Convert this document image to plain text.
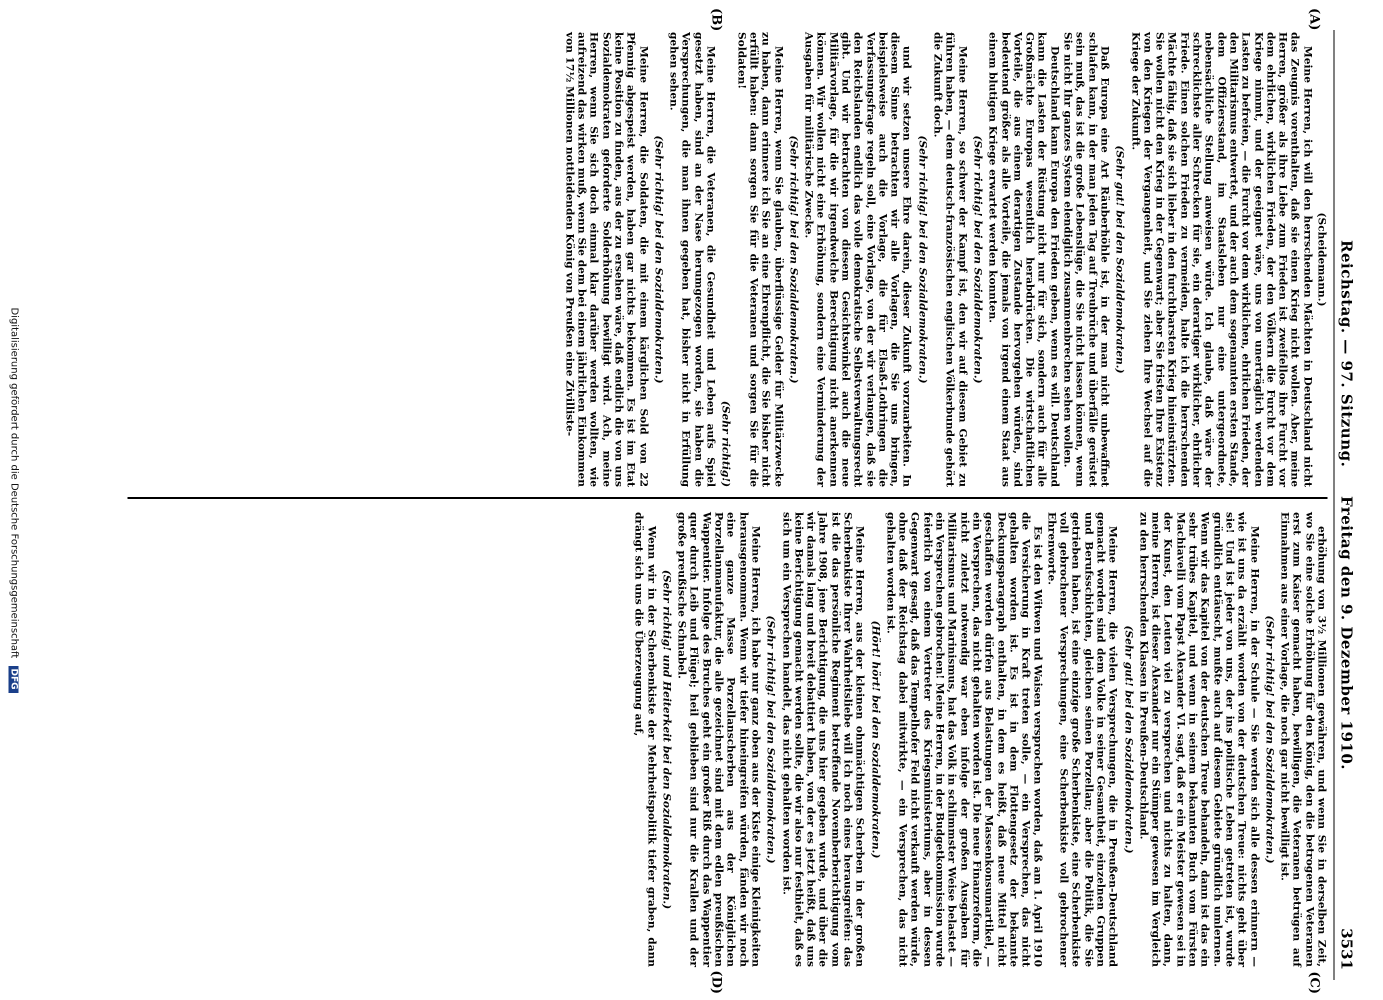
Reichstag. — 97. Sitzung.     Freitag den 9. Dezember 1910.
3531
(A)
(B)
(C)
(D)

(Scheidemann.)

Meine Herren, ich will den herrschenden Mächten in Deutschland nicht das Zeugnis vorenthalten, daß sie einen Krieg nicht wollen. Aber, meine Herren, größer als ihre Liebe zum Frieden ist zweifellos ihre Furcht vor dem ehrlichen, wirklichen Frieden, der den Völkern die Furcht vor dem Kriege nimmt, und der geeignet wäre, uns von unerträglich werdenden Lasten zu befreien, — die Furcht vor dem wirklichen, ehrlichen Frieden, der den Militarismus entwertet, und der auch dem sogenannten ersten Stande, dem Offiziersstand, im Staatsleben nur eine untergeordnete, nebensächliche Stellung anweisen würde. Ich glaube, daß wäre der schrecklichste aller Schrecken für sie, ein derartiger wirklicher, ehrlicher Friede. Einen solchen Frieden zu vermeiden, halte ich die herrschenden Mächte fähig, daß sie sich lieber in den furchtbarsten Krieg hineinstürzten. Sie wollen nicht den Krieg in der Gegenwart; aber Sie fristen Ihre Existenz von den Kriegen der Vergangenheit, und Sie ziehen Ihre Wechsel auf die Kriege der Zukunft.

(Sehr gut! bei den Sozialdemokraten.)

Daß Europa eine Art Räuberhöhle ist, in der man nicht unbewaffnet schlafen kann, in der man jeden Tag auf Treubrüche und überfälle gerüstet sein muß, das ist die große Lebenslüge, die Sie nicht lassen können, wenn Sie nicht Ihr ganzes System elendiglich zusammenbrechen sehen wollen.

Deutschland kann Europa den Frieden geben, wenn es will. Deutschland kann die Lasten der Rüstung nicht nur für sich, sondern auch für alle Großmächte Europas wesentlich herabdrücken. Die wirtschaftlichen Vorteile, die aus einem derartigen Zustande hervorgehen würden, sind bedeutend größer als alle Vorteile, die jemals von irgend einem Staat aus einem blutigen Kriege erwartet werden konnten.

(Sehr richtig! bei den Sozialdemokraten.)

Meine Herren, so schwer der Kampf ist, den wir auf diesem Gebiet zu führen haben, — dem deutsch-französischen englischen Völkerbunde gehört die Zukunft doch.

(Sehr richtig! bei den Sozialdemokraten.)

und wir setzen unsere Ehre darein, dieser Zukunft vorzuarbeiten. In diesem Sinne betrachten wir alle Vorlagen, die Sie uns bringen, beispielsweise auch die Vorlage, die für Elsaß-Lothringen die Verfassungsfrage regeln soll, eine Vorlage, von der wir verlangen, daß sie den Reichslanden endlich das volle demokratische Selbstverwaltungsrecht gibt. Und wir betrachten von diesem Gesichtswinkel auch die neue Militärvorlage, für die wir irgendwelche Berechtigung nicht anerkennen können. Wir wollen nicht eine Erhöhung, sondern eine Verminderung der Ausgaben für militärische Zwecke.

(Sehr richtig! bei den Sozialdemokraten.)

Meine Herren, wenn Sie glauben, überflüssige Gelder für Militärzwecke zu haben, dann erinnere ich Sie an eine Ehrenpflicht, die Sie bisher nicht erfüllt haben: dann sorgen Sie für die Veteranen und sorgen Sie für die Soldaten!

(Sehr richtig!)

Meine Herren, die Veteranen, die Gesundheit und Leben aufs Spiel gesetzt haben, sind an der Nase herumgezogen worden, sie haben die Versprechungen, die man ihnen gegeben hat, bisher nicht in Erfüllung gehen sehen.

(Sehr richtig! bei den Sozialdemokraten.)

Meine Herren, die Soldaten, die mit einem kärglichen Sold von 22 Pfennig abgespeist werden, haben gar nichts bekommen. Es ist im Etat keine Position zu finden, aus der zu ersehen wäre, daß endlich die von uns Sozialdemokraten geforderte Solderhöhung bewilligt wird. Ach, meine Herren, wenn Sie sich doch einmal klar darüber werden wollten, wie aufreizend das wirken muß, wenn Sie dem bei einem jährlichen Einkommen von 17½ Millionen nottleidenden König von Preußen eine Zivilliste-

erhöhung von 3½ Millionen gewähren, und wenn Sie in derselben Zeit, wo Sie eine solche Erhöhung für den König, den die betrogenen Veteranen erst zum Kaiser gemacht haben, bewilligen, die Veteranen betrügen auf Einnahmen aus einer Vorlage, die noch gar nicht bewilligt ist.

(Sehr richtig! bei den Sozialdemokraten.)

Meine Herren, in der Schule — Sie werden sich alle dessen erinnern — wie ist uns da erzählt worden von der deutschen Treue: nichts geht über sie! Und ist jeder von uns, der ins politische Leben getreten ist, wurde gründlich enttäuscht, mußte auch auf diesem Gebiete gründlich umlernen. Wenn wir das Kapitel von der deutschen Treue behandeln, dann ist das ein sehr trübes Kapitel, und wenn in seinem bekannten Buch vom Fürsten Machiavelli vom Papst Alexander VI. sagt, daß er ein Meister gewesen sei in der Kunst, den Leuten viel zu versprechen und nichts zu halten, dann, meine Herren, ist dieser Alexander nur ein Stümper gewesen im Vergleich zu den herrschenden Klassen in Preußen-Deutschland.

(Sehr gut! bei den Sozialdemokraten.)

Meine Herren, die vielen Versprechungen, die in Preußen-Deutschland gemacht worden sind dem Volke in seiner Gesamtheit, einzelnen Gruppen und Berufsschichten, gleichen seinen Porzellan; aber die Politik, die Sie getrieben haben, ist eine einzige große Scherbenkiste, eine Scherbenkiste voll gebrochener Versprechungen, eine Scherbenkiste voll gebrochener Ehrenworte.

Es ist den Witwen und Waisen versprochen worden, daß am 1. April 1910 die Versicherung in Kraft treten solle, — ein Versprechen, das nicht gehalten worden ist. Es ist in dem Flottengesetz der bekannte Deckungsparagraph enthalten, in dem es heißt, daß neue Mittel nicht geschaffen werden dürfen aus Belastungen der Massenkonsumartikel, — ein Versprechen, das nicht gehalten worden ist. Die neue Finanzreform, die nicht zuletzt notwendig war eben infolge der großen Ausgaben für Militarismus und Marinismus, hat das Volk in schlimmster Weise belastet — ein Versprechen gebrochen! Meine Herren, in der Budgetkommission wurde feierlich von einem Vertreter des Kriegsministeriums, aber in dessen Gegenwart gesagt, daß das Tempelhofer Feld nicht verkauft werden würde, ohne daß der Reichstag dabei mitwirkte, — ein Versprechen, das nicht gehalten worden ist.

(Hört! hört! bei den Sozialdemokraten.)

Meine Herren, aus der kleinen ohnmächtigen Scherben in der großen Scherbenkiste Ihrer Wahrheitsliebe will ich noch eines herausgreifen: das ist die das persönliche Regiment betreffende Novemberberichtigung vom Jahre 1908, jene Berichtigung, die uns hier gegeben wurde, und über die wir damals lang und breit debattiert haben, von der es jetzt heißt, daß uns keine Berichtigung gemacht werden sollte, die wir also nur festhielt, daß es sich um ein Versprechen handelt, das nicht gehalten worden ist.

(Sehr richtig! bei den Sozialdemokraten.)

Meine Herren, ich habe nur ganz oben aus der Kiste einige Kleinigkeiten herausgenommen. Wenn wir tiefer hineingreifen würden, fänden wir noch eine ganze Masse Porzellanscherben aus der Königlichen Porzellanmanufaktur, die alle gezeichnet sind mit dem edlen preußischen Wappentier. Infolge des Bruches geht ein großer Riß durch das Wappentier quer durch Leib und Flügel; heil geblieben sind nur die Krallen und der große preußische Schnabel.

(Sehr richtig! und Heiterkeit bei den Sozialdemokraten.)

Wenn wir in der Scherbenkiste der Mehrheitspolitik tiefer graben, dann drängt sich uns die Überzeugung auf,

Digitalisierung gefördert durch die Deutsche Forschungsgemeinschaft DFG
